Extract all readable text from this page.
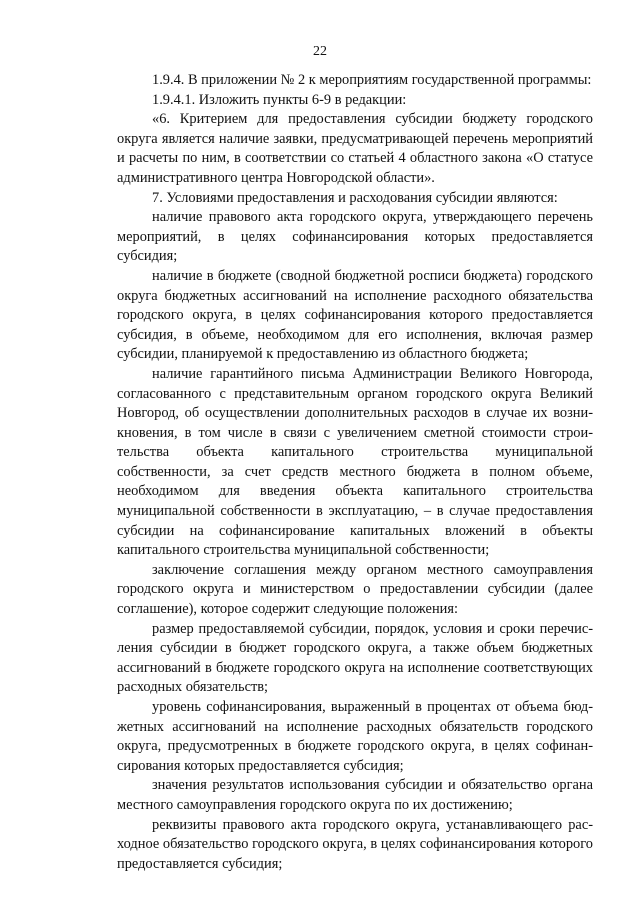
22

1.9.4. В приложении № 2 к мероприятиям государственной программы:

1.9.4.1. Изложить пункты 6-9 в редакции:

«6. Критерием для предоставления субсидии бюджету городского округа является наличие заявки, предусматривающей перечень мероприятий и расчеты по ним, в соответствии со статьей 4 областного закона «О статусе административного центра Новгородской области».

7. Условиями предоставления и расходования субсидии являются:

наличие правового акта городского округа, утверждающего перечень мероприятий, в целях софинансирования которых предоставляется субсидия;

наличие в бюджете (сводной бюджетной росписи бюджета) городского округа бюджетных ассигнований на исполнение расходного обязательства городского округа, в целях софинансирования которого предоставляется субсидия, в объеме, необходимом для его исполнения, включая размер субсидии, планируемой к предоставлению из областного бюджета;

наличие гарантийного письма Администрации Великого Новгорода, согласованного с представительным органом городского округа Великий Новгород, об осуществлении дополнительных расходов в случае их возникновения, в том числе в связи с увеличением сметной стоимости строительства объекта капитального строительства муниципальной собственности, за счет средств местного бюджета в полном объеме, необходимом для введения объекта капитального строительства муниципальной собственности в эксплуатацию, – в случае предоставления субсидии на софинансирование капитальных вложений в объекты капитального строительства муниципальной собственности;

заключение соглашения между органом местного самоуправления городского округа и министерством о предоставлении субсидии (далее соглашение), которое содержит следующие положения:

размер предоставляемой субсидии, порядок, условия и сроки перечисления субсидии в бюджет городского округа, а также объем бюджетных ассигнований в бюджете городского округа на исполнение соответствующих расходных обязательств;

уровень софинансирования, выраженный в процентах от объема бюджетных ассигнований на исполнение расходных обязательств городского округа, предусмотренных в бюджете городского округа, в целях софинансирования которых предоставляется субсидия;

значения результатов использования субсидии и обязательство органа местного самоуправления городского округа по их достижению;

реквизиты правового акта городского округа, устанавливающего расходное обязательство городского округа, в целях софинансирования которого предоставляется субсидия;
